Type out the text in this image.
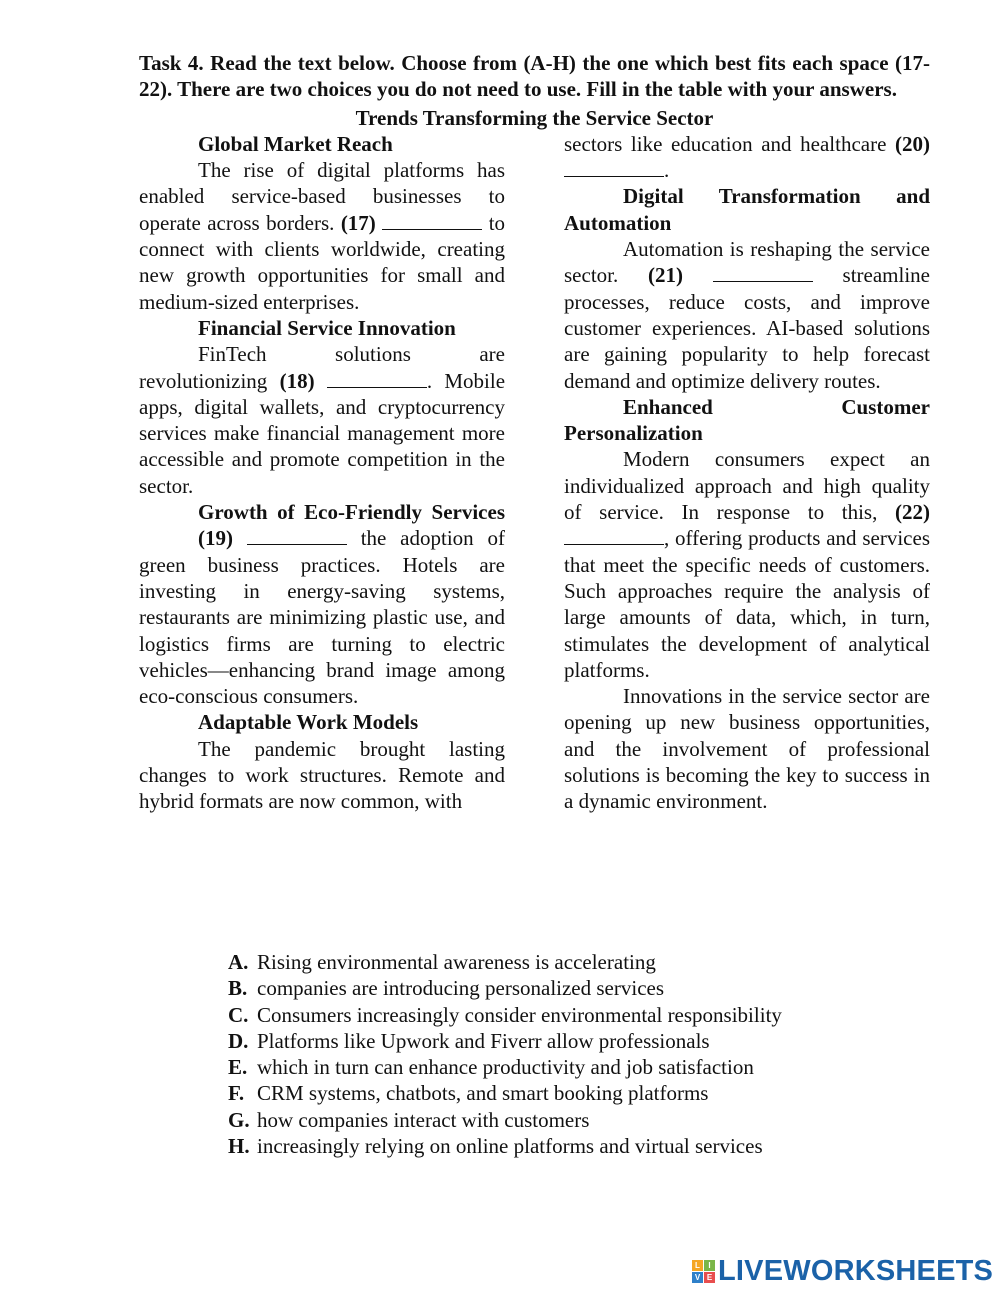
Task 4. Read the text below. Choose from (A-H) the one which best fits each space (17-22). There are two choices you do not need to use. Fill in the table with your answers.

Trends Transforming the Service Sector

Global Market Reach

The rise of digital platforms has enabled service-based businesses to operate across borders. (17)	to connect with clients worldwide, creating new growth opportunities for small and medium-sized enterprises.

Financial Service Innovation

FinTech solutions are revolutionizing (18)	. Mobile apps, digital wallets, and cryptocurrency services make financial management more accessible and promote competition in the sector.

Growth of Eco-Friendly Services

(19)	the adoption of green business practices. Hotels are investing in energy-saving systems, restaurants are minimizing plastic use, and logistics firms are turning to electric vehicles—enhancing brand image among eco-conscious consumers.

Adaptable Work Models

The pandemic brought lasting changes to work structures. Remote and hybrid formats are now common, with

sectors like education and healthcare (20) .

Digital Transformation and Automation

Automation is reshaping the service sector. (21)	streamline processes, reduce costs, and improve customer experiences. AI-based solutions are gaining popularity to help forecast demand and optimize delivery routes.

Enhanced Customer Personalization

Modern consumers expect an individualized approach and high quality of service. In response to this, (22) , offering products and services that meet the specific needs of customers. Such approaches require the analysis of large amounts of data, which, in turn, stimulates the development of analytical platforms.

Innovations in the service sector are opening up new business opportunities, and the involvement of professional solutions is becoming the key to success in a dynamic environment.

A. Rising environmental awareness is accelerating
B. companies are introducing personalized services
C. Consumers increasingly consider environmental responsibility
D. Platforms like Upwork and Fiverr allow professionals
E. which in turn can enhance productivity and job satisfaction
F. CRM systems, chatbots, and smart booking platforms
G. how companies interact with customers
H. increasingly relying on online platforms and virtual services
L	I
V E LIVEWORKSHEETS
